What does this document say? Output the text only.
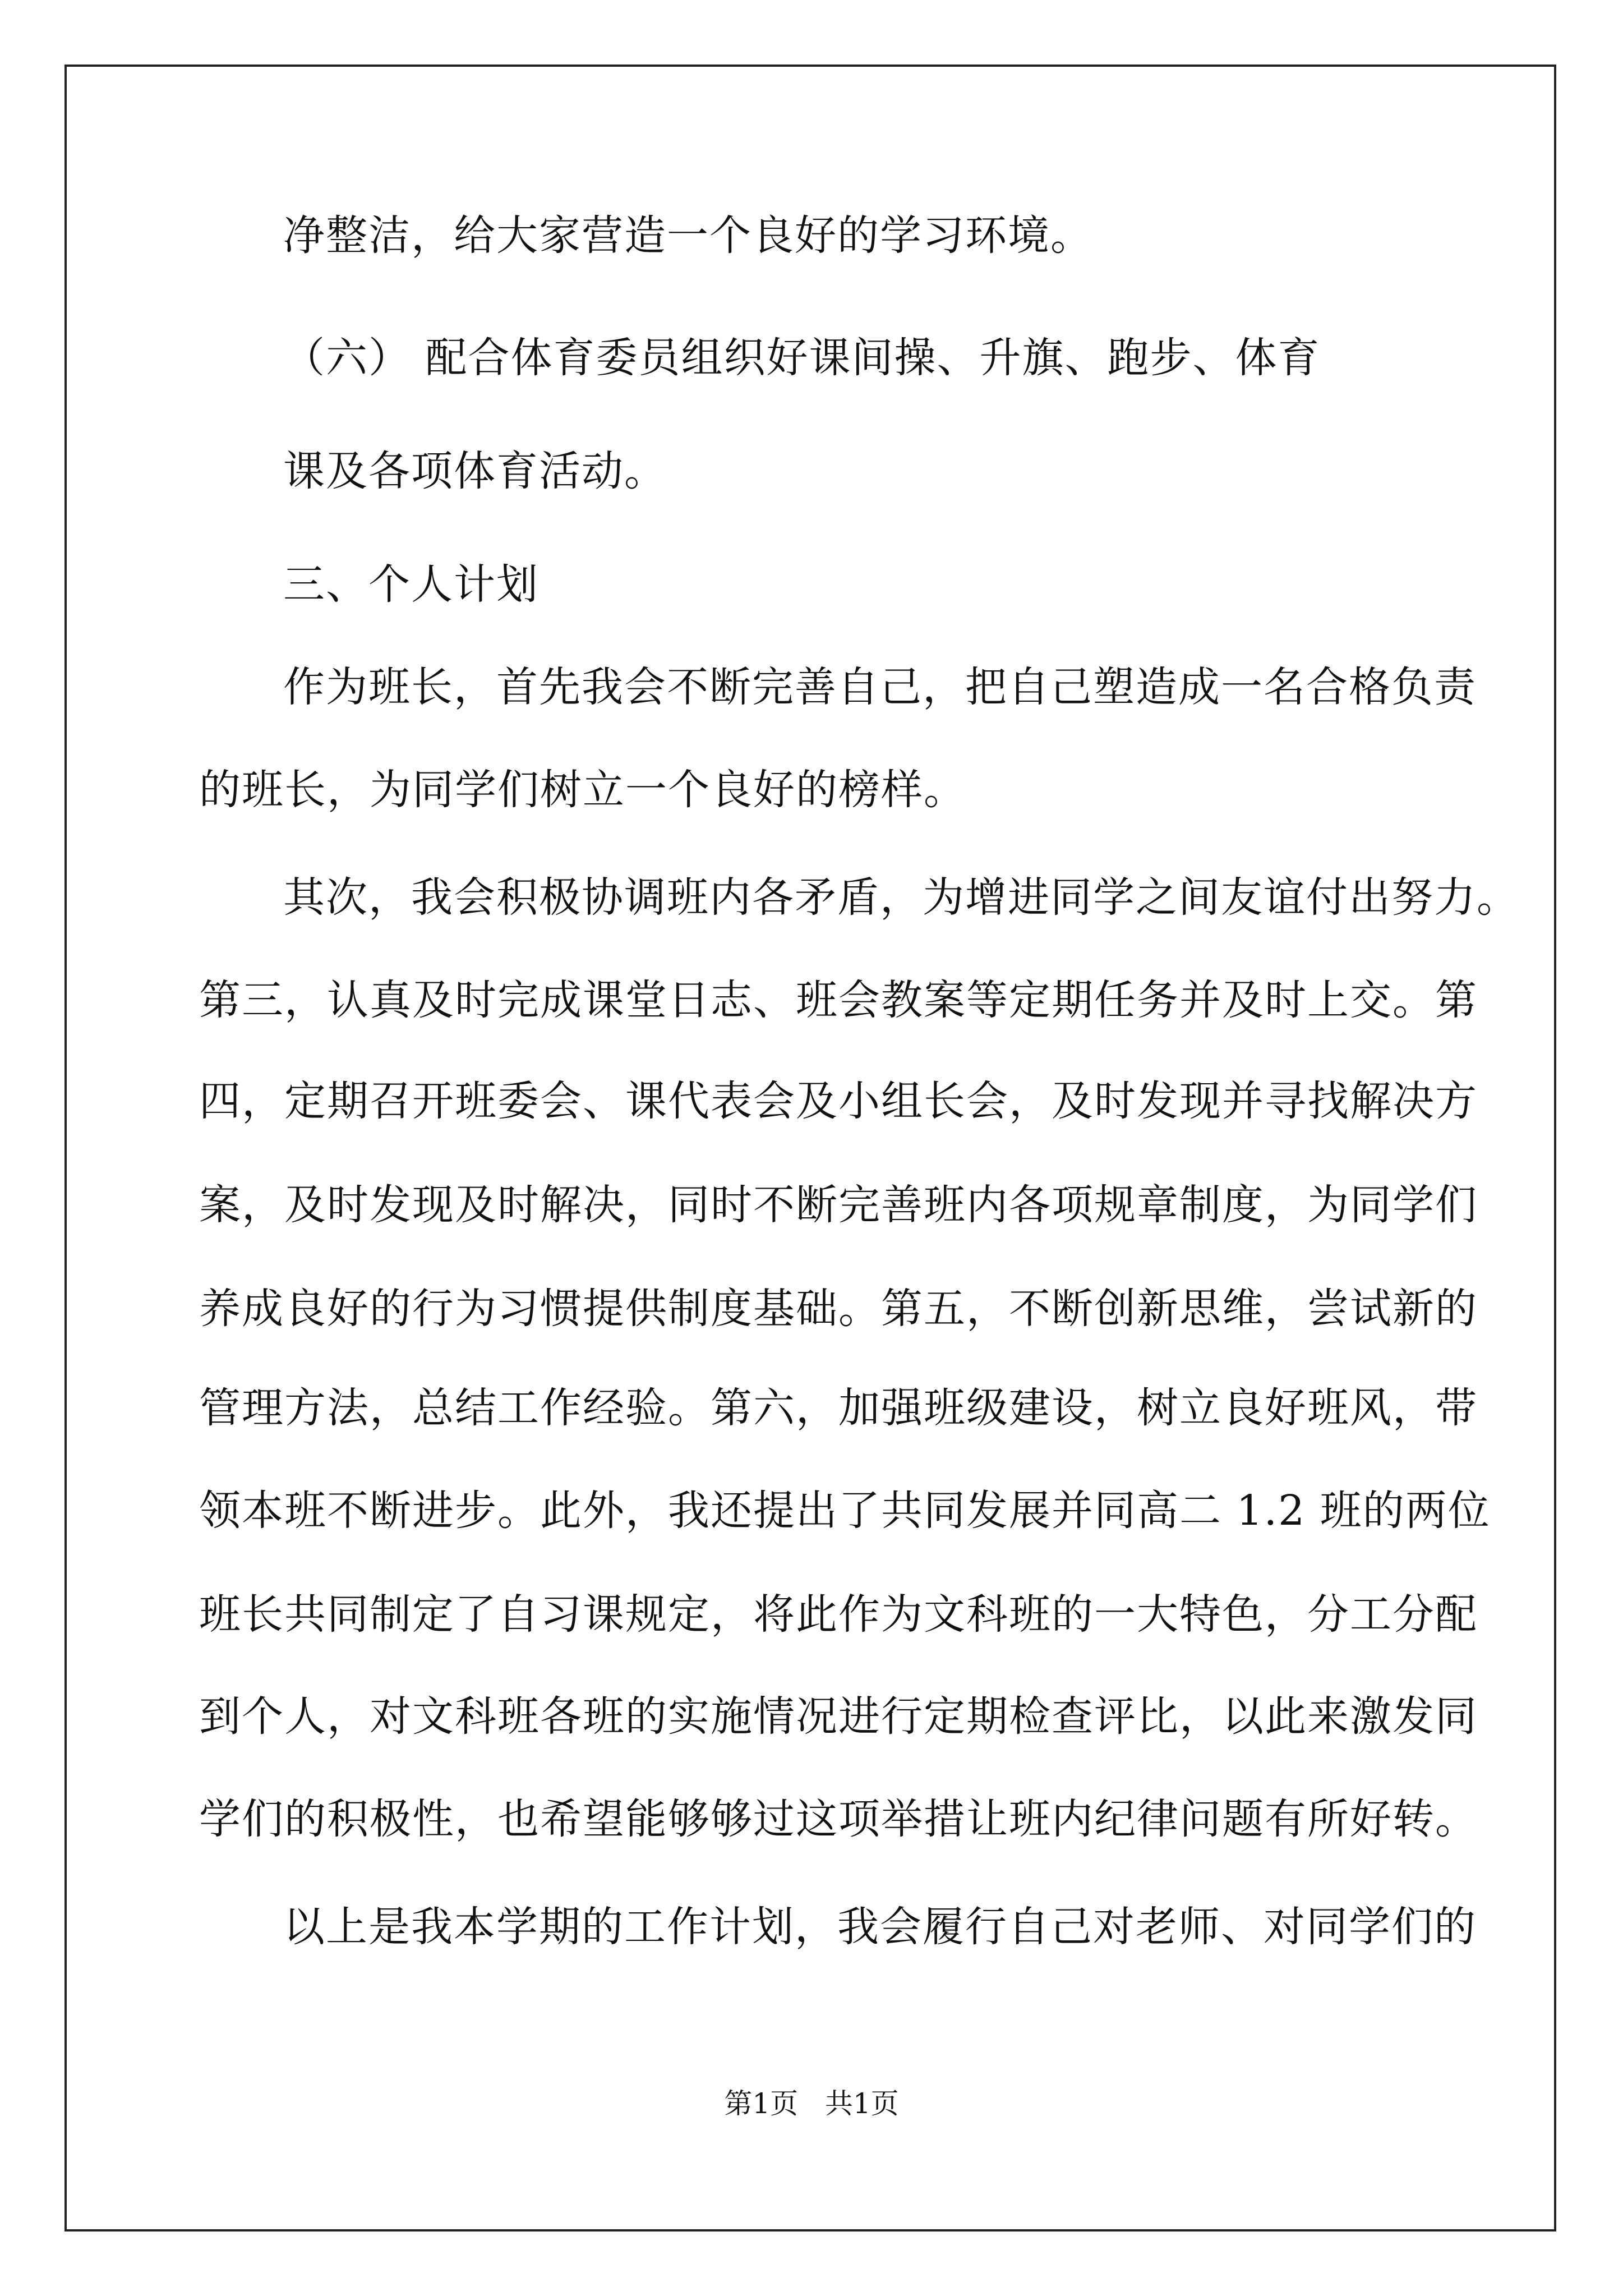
净整洁，给大家营造一个良好的学习环境。
（六） 配合体育委员组织好课间操、升旗、跑步、体育
课及各项体育活动。
三、个人计划
作为班长，首先我会不断完善自己，把自己塑造成一名合格负责
的班长，为同学们树立一个良好的榜样。
其次，我会积极协调班内各矛盾，为增进同学之间友谊付出努力。
第三，认真及时完成课堂日志、班会教案等定期任务并及时上交。第
四，定期召开班委会、课代表会及小组长会，及时发现并寻找解决方
案，及时发现及时解决，同时不断完善班内各项规章制度，为同学们
养成良好的行为习惯提供制度基础。第五，不断创新思维，尝试新的
管理方法，总结工作经验。第六，加强班级建设，树立良好班风，带
领本班不断进步。此外，我还提出了共同发展并同高二 1.2 班的两位
班长共同制定了自习课规定，将此作为文科班的一大特色，分工分配
到个人，对文科班各班的实施情况进行定期检查评比，以此来激发同
学们的积极性，也希望能够够过这项举措让班内纪律问题有所好转。
以上是我本学期的工作计划，我会履行自己对老师、对同学们的
第1页   共1页
